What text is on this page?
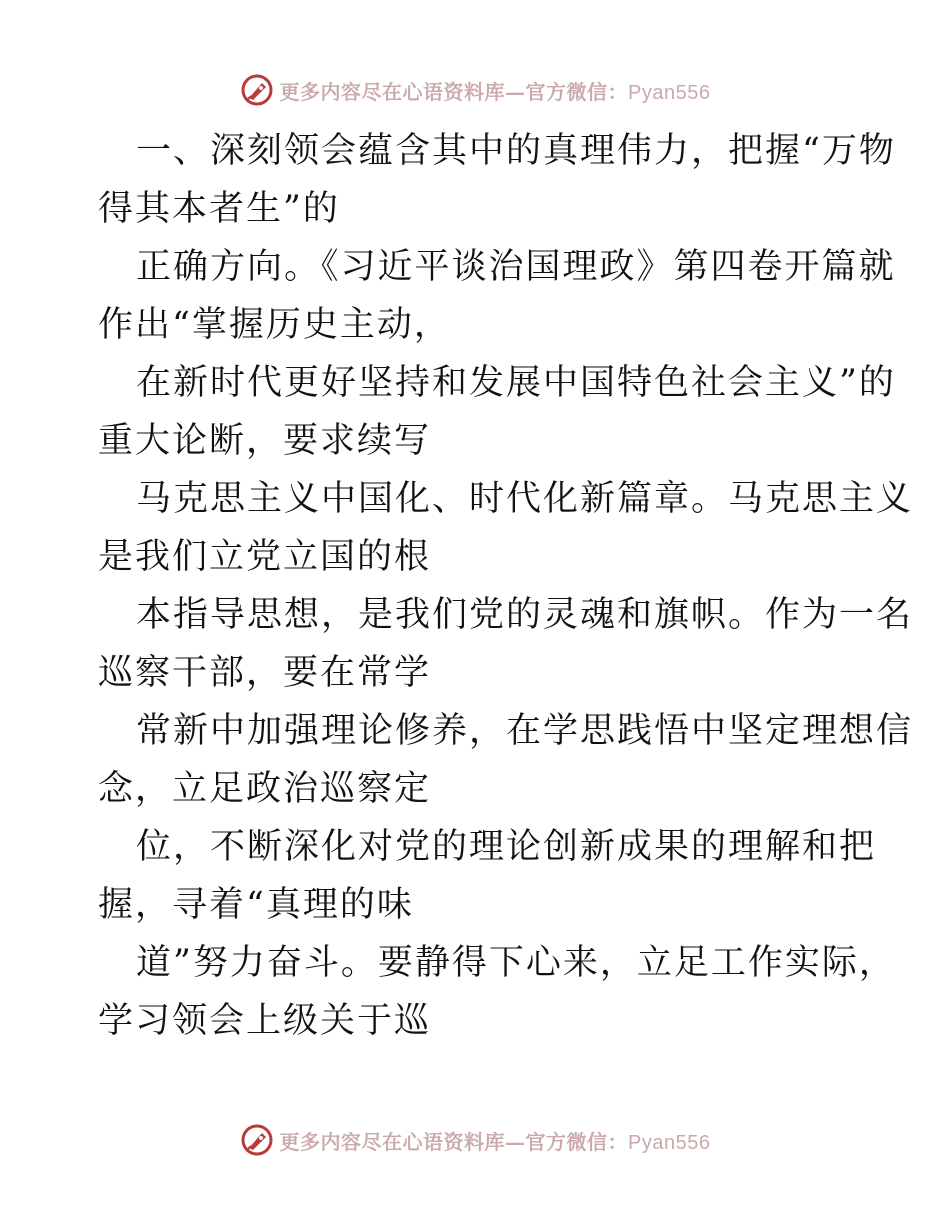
更多内容尽在心语资料库—官方微信：Pyan556

一、深刻领会蕴含其中的真理伟力，把握“万物
得其本者生”的

正确方向。《习近平谈治国理政》第四卷开篇就
作出“掌握历史主动，

在新时代更好坚持和发展中国特色社会主义”的
重大论断，要求续写

马克思主义中国化、时代化新篇章。马克思主义
是我们立党立国的根

本指导思想，是我们党的灵魂和旗帜。作为一名
巡察干部，要在常学

常新中加强理论修养，在学思践悟中坚定理想信
念，立足政治巡察定

位，不断深化对党的理论创新成果的理解和把
握，寻着“真理的味

道”努力奋斗。要静得下心来，立足工作实际，
学习领会上级关于巡

更多内容尽在心语资料库—官方微信：Pyan556
